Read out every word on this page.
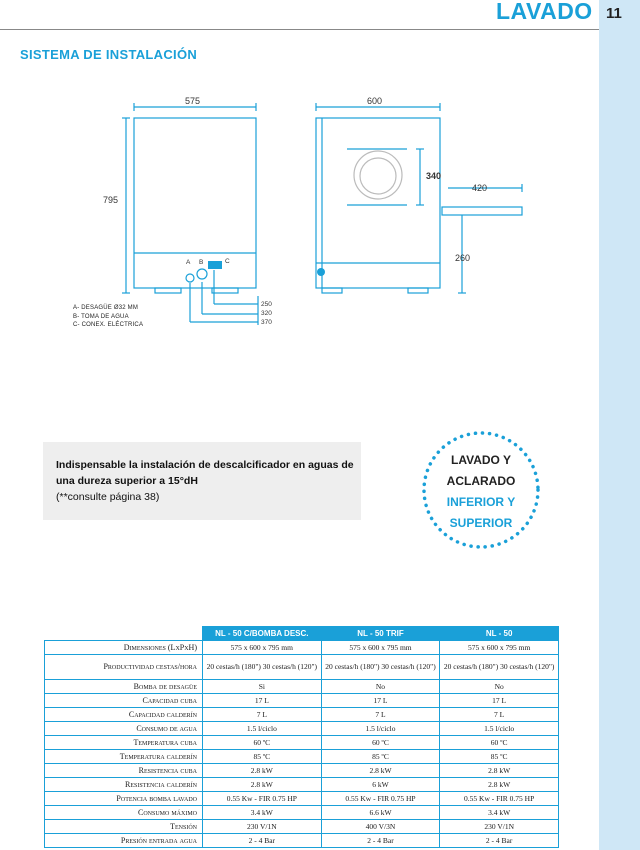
LAVADO 11
SISTEMA DE INSTALACIÓN
575	600
795
340
420
260
A B	C
250
320
370
A- DESAGÜE Ø32 MM
B- TOMA DE AGUA
C- CONEX. ELÉCTRICA

Indispensable la instalación de descalcificador en aguas de una dureza superior a 15°dH
(**consulte página 38)

LAVADO Y
ACLARADO
INFERIOR Y
SUPERIOR
	NL - 50 C/BOMBA DESC.	NL - 50 TRIF	NL - 50
Dimensiones (LxPxH)	575 x 600 x 795 mm	575 x 600 x 795 mm	575 x 600 x 795 mm
Productividad cestas/hora	20 cestas/h (180") 30 cestas/h (120")	20 cestas/h (180") 30 cestas/h (120")	20 cestas/h (180") 30 cestas/h (120")
Bomba de desagüe	Si	No	No
Capacidad cuba	17 L	17 L	17 L
Capacidad calderín	7 L	7 L	7 L
Consumo de agua	1.5 l/ciclo	1.5 l/ciclo	1.5 l/ciclo
Temperatura cuba	60 ºC	60 ºC	60 ºC
Temperatura calderín	85 ºC	85 ºC	85 ºC
Resistencia cuba	2.8 kW	2.8 kW	2.8 kW
Resistencia calderín	2.8 kW	6 kW	2.8 kW
Potencia bomba lavado	0.55 Kw - FIR 0.75 HP	0.55 Kw - FIR 0.75 HP	0.55 Kw - FIR 0.75 HP
Consumo máximo	3.4 kW	6.6 kW	3.4 kW
Tensión	230 V/1N	400 V/3N	230 V/1N
Presión entrada agua	2 - 4 Bar	2 - 4 Bar	2 - 4 Bar
